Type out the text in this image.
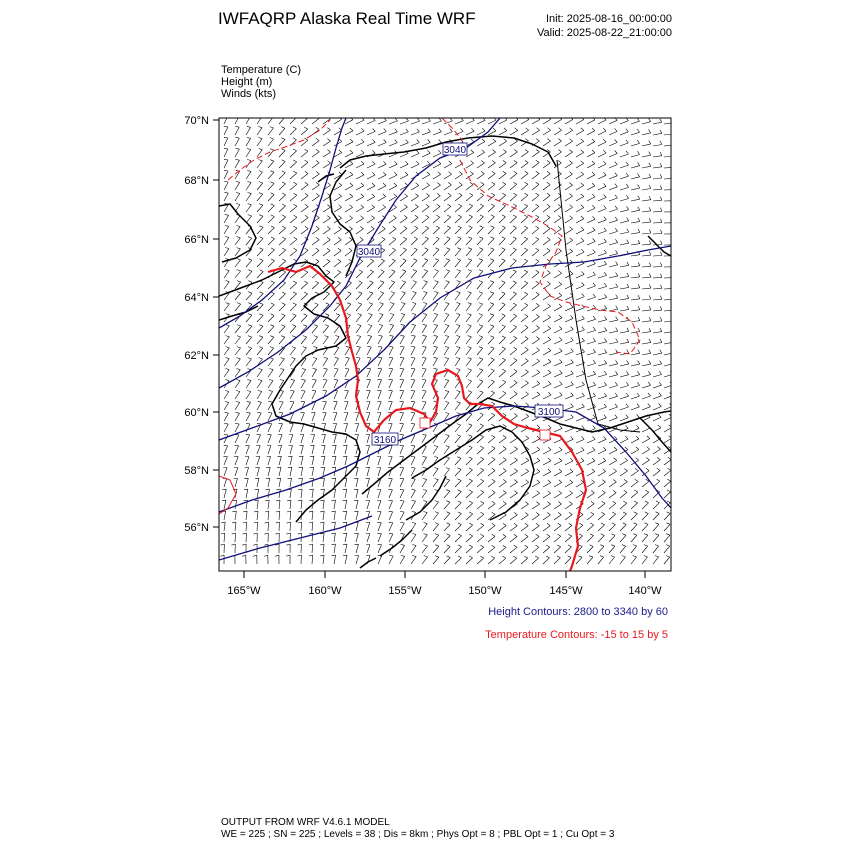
IWFAQRP Alaska Real Time WRF	Init: 2025-08-16_00:00:00
Valid: 2025-08-22_21:00:00
Temperature (C)
Height (m)
Winds (kts)
3040
3040
3160
3100
70°N
68°N
66°N
64°N
62°N
60°N
58°N
56°N
165°W	160°W	155°W	150°W	145°W	140°W
Height Contours: 2800 to 3340 by 60
Temperature Contours: -15 to 15 by 5
OUTPUT FROM WRF V4.6.1 MODEL
WE = 225 ; SN = 225 ; Levels = 38 ; Dis = 8km ; Phys Opt = 8 ; PBL Opt = 1 ; Cu Opt = 3
